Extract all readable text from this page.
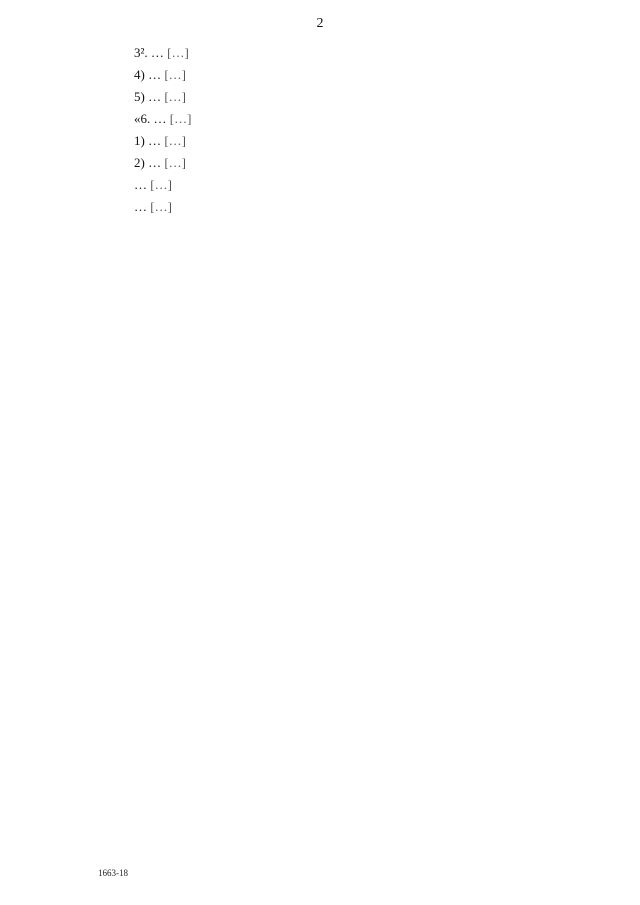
2

3². … […]

4) … […]

5) … […]

«6. … […]

1) … […]

2) … […]

… […]

… […]

1663-18
